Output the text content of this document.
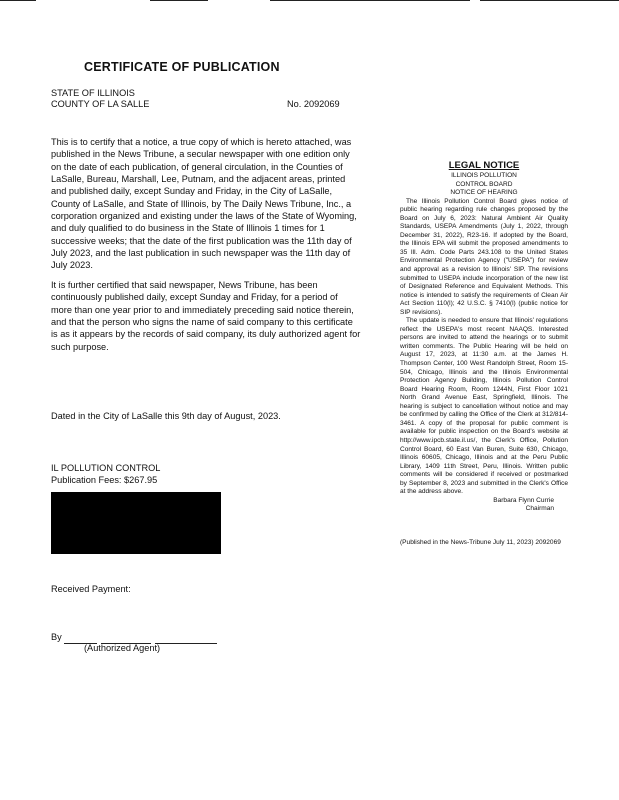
CERTIFICATE OF PUBLICATION
STATE OF ILLINOIS
COUNTY OF LA SALLE	No. 2092069

This is to certify that a notice, a true copy of which is hereto attached, was published in the News Tribune, a secular newspaper with one edition only on the date of each publication, of general circulation, in the Counties of LaSalle, Bureau, Marshall, Lee, Putnam, and the adjacent areas, printed and published daily, except Sunday and Friday, in the City of LaSalle, County of LaSalle, and State of Illinois, by The Daily News Tribune, Inc., a corporation organized and existing under the laws of the State of Wyoming, and duly qualified to do business in the State of Illinois 1 times for 1 successive weeks; that the date of the first publication was the 11th day of July 2023, and the last publication in such newspaper was the 11th day of July 2023.

It is further certified that said newspaper, News Tribune, has been continuously published daily, except Sunday and Friday, for a period of more than one year prior to and immediately preceding said notice therein, and that the person who signs the name of said company to this certificate is as it appears by the records of said company, its duly authorized agent for such purpose.

Dated in the City of LaSalle this 9th day of August, 2023.

IL POLLUTION CONTROL
Publication Fees: $267.95
Received Payment:
By
(Authorized Agent)
LEGAL NOTICE
ILLINOIS POLLUTION
CONTROL BOARD
NOTICE OF HEARING

The Illinois Pollution Control Board gives notice of public hearing regarding rule changes proposed by the Board on July 6, 2023: Natural Ambient Air Quality Standards, USEPA Amendments (July 1, 2022, through December 31, 2022), R23-16. If adopted by the Board, the Illinois EPA will submit the proposed amendments to 35 Ill. Adm. Code Parts 243.108 to the United States Environmental Protection Agency ("USEPA") for review and approval as a revision to Illinois' SIP. The revisions submitted to USEPA include incorporation of the new list of Designated Reference and Equivalent Methods. This notice is intended to satisfy the requirements of Clean Air Act Section 110(l); 42 U.S.C. § 7410(l) (public notice for SIP revisions).

The update is needed to ensure that Illinois' regulations reflect the USEPA's most recent NAAQS. Interested persons are invited to attend the hearings or to submit written comments. The Public Hearing will be held on August 17, 2023, at 11:30 a.m. at the James H. Thompson Center, 100 West Randolph Street, Room 15-504, Chicago, Illinois and the Illinois Environmental Protection Agency Building, Illinois Pollution Control Board Hearing Room, Room 1244N, First Floor 1021 North Grand Avenue East, Springfield, Illinois. The hearing is subject to cancellation without notice and may be confirmed by calling the Office of the Clerk at 312/814-3461. A copy of the proposal for public comment is available for public inspection on the Board's website at http://www.ipcb.state.il.us/, the Clerk's Office, Pollution Control Board, 60 East Van Buren, Suite 630, Chicago, Illinois 60605, Chicago, Illinois and at the Peru Public Library, 1409 11th Street, Peru, Illinois. Written public comments will be considered if received or postmarked by September 8, 2023 and submitted in the Clerk's Office at the address above.

Barbara Flynn Currie
Chairman
(Published in the News-Tribune July 11, 2023) 2092069
